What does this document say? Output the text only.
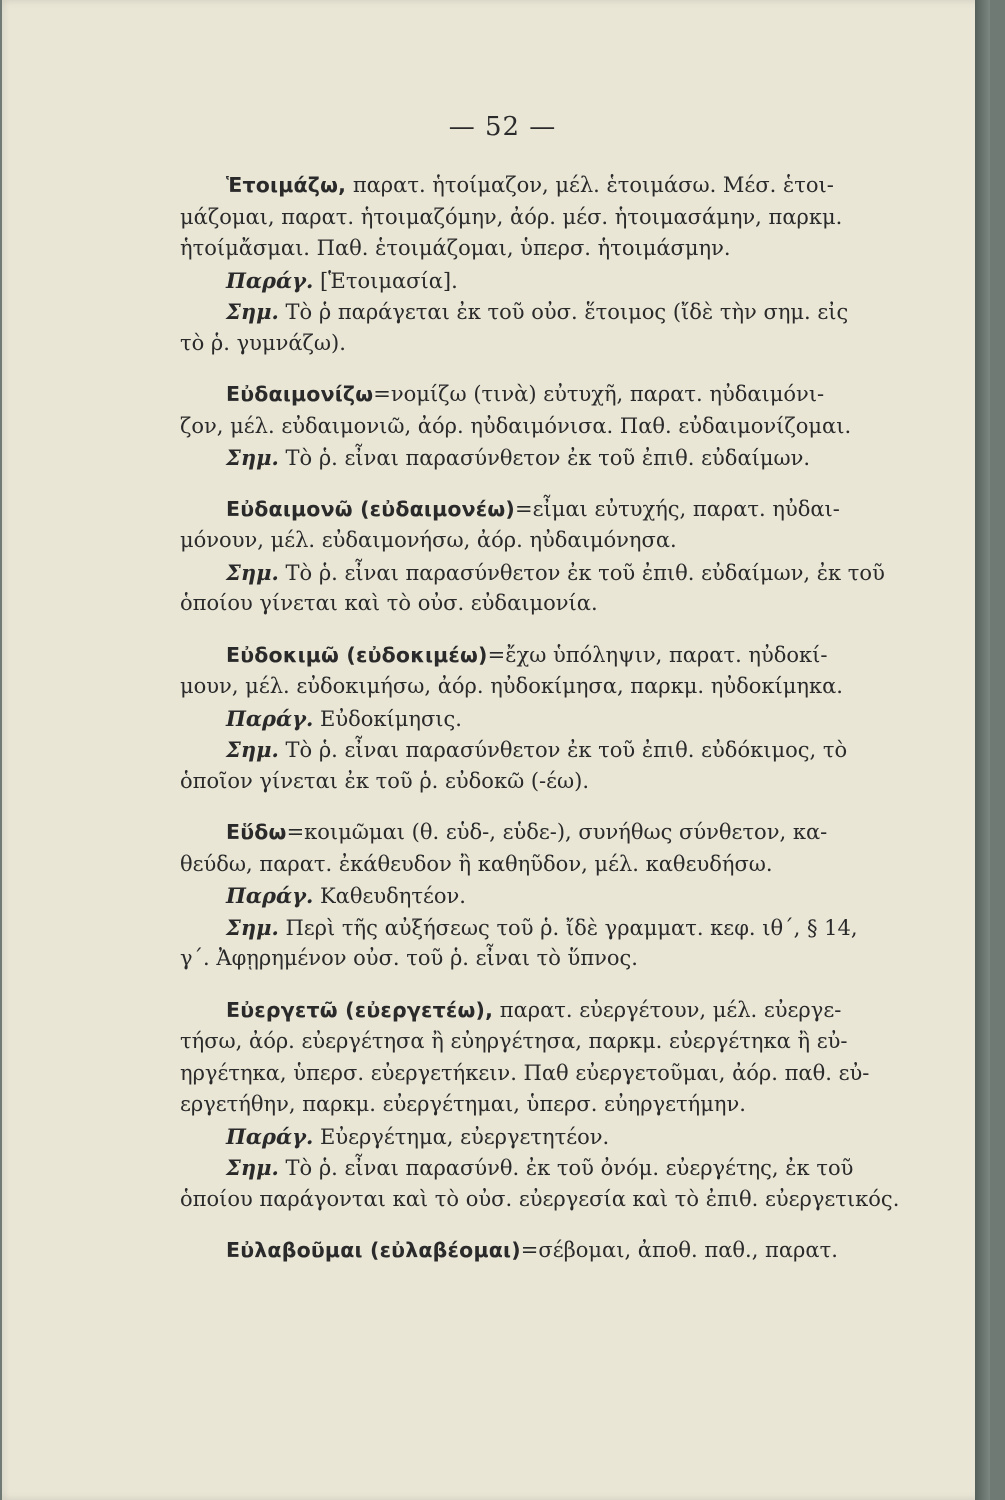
— 52 —
Ἑτοιμάζω, παρατ. ἡτοίμαζον, μέλ. ἑτοιμάσω. Μέσ. ἑτοι-
μάζομαι, παρατ. ἡτοιμαζόμην, ἀόρ. μέσ. ἡτοιμασάμην, παρκμ.
ἡτοίμἄσμαι. Παθ. ἑτοιμάζομαι, ὑπερσ. ἡτοιμάσμην.
Παράγ. [Ἑτοιμασία].
Σημ. Τὸ ῥ παράγεται ἐκ τοῦ οὐσ. ἕτοιμος (ἴδὲ τὴν σημ. εἰς
τὸ ῥ. γυμνάζω).
Εὐδαιμονίζω=νομίζω (τινὰ) εὐτυχῆ, παρατ. ηὐδαιμόνι-
ζον, μέλ. εὐδαιμονιῶ, ἀόρ. ηὐδαιμόνισα. Παθ. εὐδαιμονίζομαι.
Σημ. Τὸ ῥ. εἶναι παρασύνθετον ἐκ τοῦ ἐπιθ. εὐδαίμων.
Εὐδαιμονῶ (εὐδαιμονέω)=εἶμαι εὐτυχής, παρατ. ηὐδαι-
μόνουν, μέλ. εὐδαιμονήσω, ἀόρ. ηὐδαιμόνησα.
Σημ. Τὸ ῥ. εἶναι παρασύνθετον ἐκ τοῦ ἐπιθ. εὐδαίμων, ἐκ τοῦ
ὁποίου γίνεται καὶ τὸ οὐσ. εὐδαιμονία.
Εὐδοκιμῶ (εὐδοκιμέω)=ἔχω ὑπόληψιν, παρατ. ηὐδοκί-
μουν, μέλ. εὐδοκιμήσω, ἀόρ. ηὐδοκίμησα, παρκμ. ηὐδοκίμηκα.
Παράγ. Εὐδοκίμησις.
Σημ. Τὸ ῥ. εἶναι παρασύνθετον ἐκ τοῦ ἐπιθ. εὐδόκιμος, τὸ
ὁποῖον γίνεται ἐκ τοῦ ῥ. εὐδοκῶ (-έω).
Εὕδω=κοιμῶμαι (θ. εὑδ-, εὑδε-), συνήθως σύνθετον, κα-
θεύδω, παρατ. ἐκάθευδον ἢ καθηῦδον, μέλ. καθευδήσω.
Παράγ. Καθευδητέον.
Σημ. Περὶ τῆς αὐξήσεως τοῦ ῥ. ἴδὲ γραμματ. κεφ. ιθ´, § 14,
γ´. Ἀφῃρημένον οὐσ. τοῦ ῥ. εἶναι τὸ ὕπνος.
Εὐεργετῶ (εὐεργετέω), παρατ. εὐεργέτουν, μέλ. εὐεργε-
τήσω, ἀόρ. εὐεργέτησα ἢ εὐηργέτησα, παρκμ. εὐεργέτηκα ἢ εὐ-
ηργέτηκα, ὑπερσ. εὐεργετήκειν. Παθ εὐεργετοῦμαι, ἀόρ. παθ. εὐ-
εργετήθην, παρκμ. εὐεργέτημαι, ὑπερσ. εὐηργετήμην.
Παράγ. Εὐεργέτημα, εὐεργετητέον.
Σημ. Τὸ ῥ. εἶναι παρασύνθ. ἐκ τοῦ ὀνόμ. εὐεργέτης, ἐκ τοῦ
ὁποίου παράγονται καὶ τὸ οὐσ. εὐεργεσία καὶ τὸ ἐπιθ. εὐεργετικός.
Εὐλαβοῦμαι (εὐλαβέομαι)=σέβομαι, ἀποθ. παθ., παρατ.
